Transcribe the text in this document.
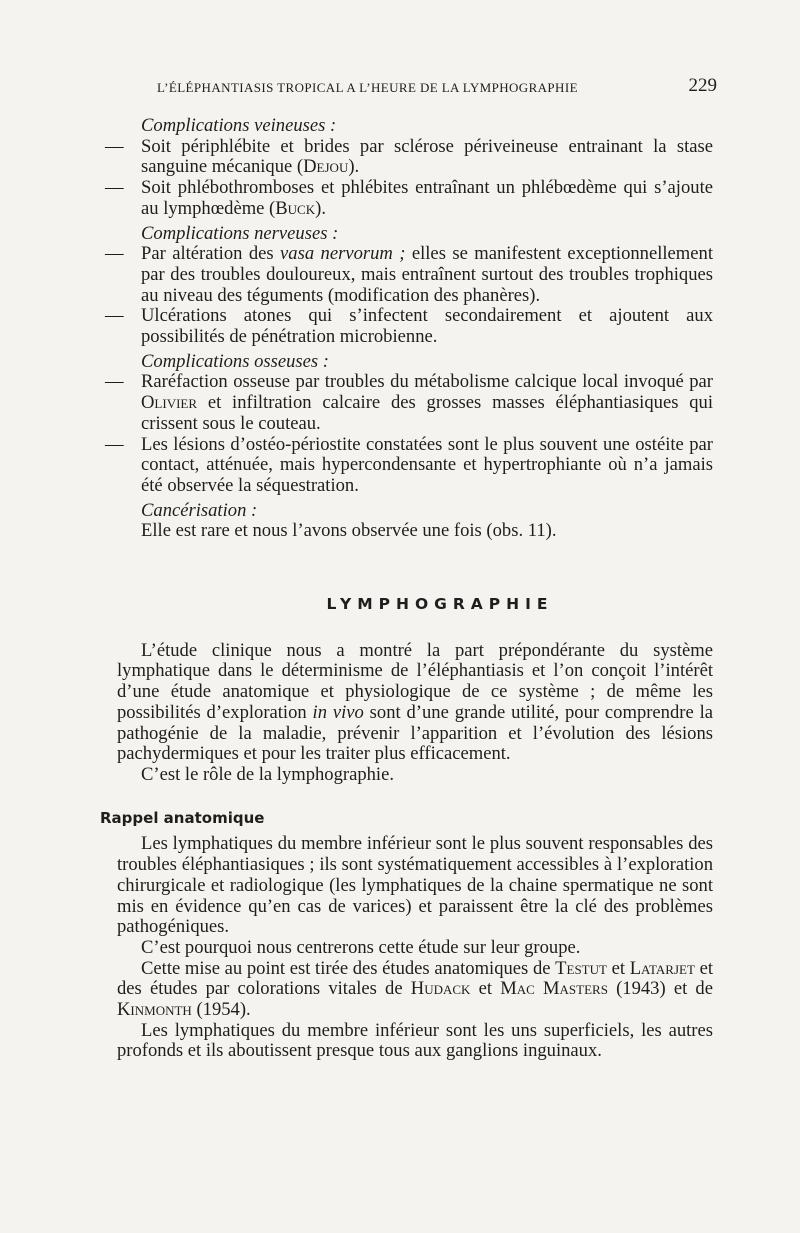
L’ÉLÉPHANTIASIS TROPICAL A L’HEURE DE LA LYMPHOGRAPHIE	229
Complications veineuses :
— Soit périphlébite et brides par sclérose périveineuse entrainant la stase sanguine mécanique (Dejou).
— Soit phlébothromboses et phlébites entraînant un phlébœdème qui s’ajoute au lymphœdème (Buck).
Complications nerveuses :
— Par altération des vasa nervorum ; elles se manifestent exceptionnellement par des troubles douloureux, mais entraînent surtout des troubles trophiques au niveau des téguments (modification des phanères).
— Ulcérations atones qui s’infectent secondairement et ajoutent aux possibilités de pénétration microbienne.
Complications osseuses :
— Raréfaction osseuse par troubles du métabolisme calcique local invoqué par Olivier et infiltration calcaire des grosses masses éléphantiasiques qui crissent sous le couteau.
— Les lésions d’ostéo-périostite constatées sont le plus souvent une ostéite par contact, atténuée, mais hypercondensante et hypertrophiante où n’a jamais été observée la séquestration.
Cancérisation :
Elle est rare et nous l’avons observée une fois (obs. 11).
LYMPHOGRAPHIE
L’étude clinique nous a montré la part prépondérante du système lymphatique dans le déterminisme de l’éléphantiasis et l’on conçoit l’intérêt d’une étude anatomique et physiologique de ce système ; de même les possibilités d’exploration in vivo sont d’une grande utilité, pour comprendre la pathogénie de la maladie, prévenir l’apparition et l’évolution des lésions pachydermiques et pour les traiter plus efficacement.
C’est le rôle de la lymphographie.
Rappel anatomique
Les lymphatiques du membre inférieur sont le plus souvent responsables des troubles éléphantiasiques ; ils sont systématiquement accessibles à l’exploration chirurgicale et radiologique (les lymphatiques de la chaine spermatique ne sont mis en évidence qu’en cas de varices) et paraissent être la clé des problèmes pathogéniques.
C’est pourquoi nous centrerons cette étude sur leur groupe.
Cette mise au point est tirée des études anatomiques de Testut et Latarjet et des études par colorations vitales de Hudack et Mac Masters (1943) et de Kinmonth (1954).
Les lymphatiques du membre inférieur sont les uns superficiels, les autres profonds et ils aboutissent presque tous aux ganglions inguinaux.
